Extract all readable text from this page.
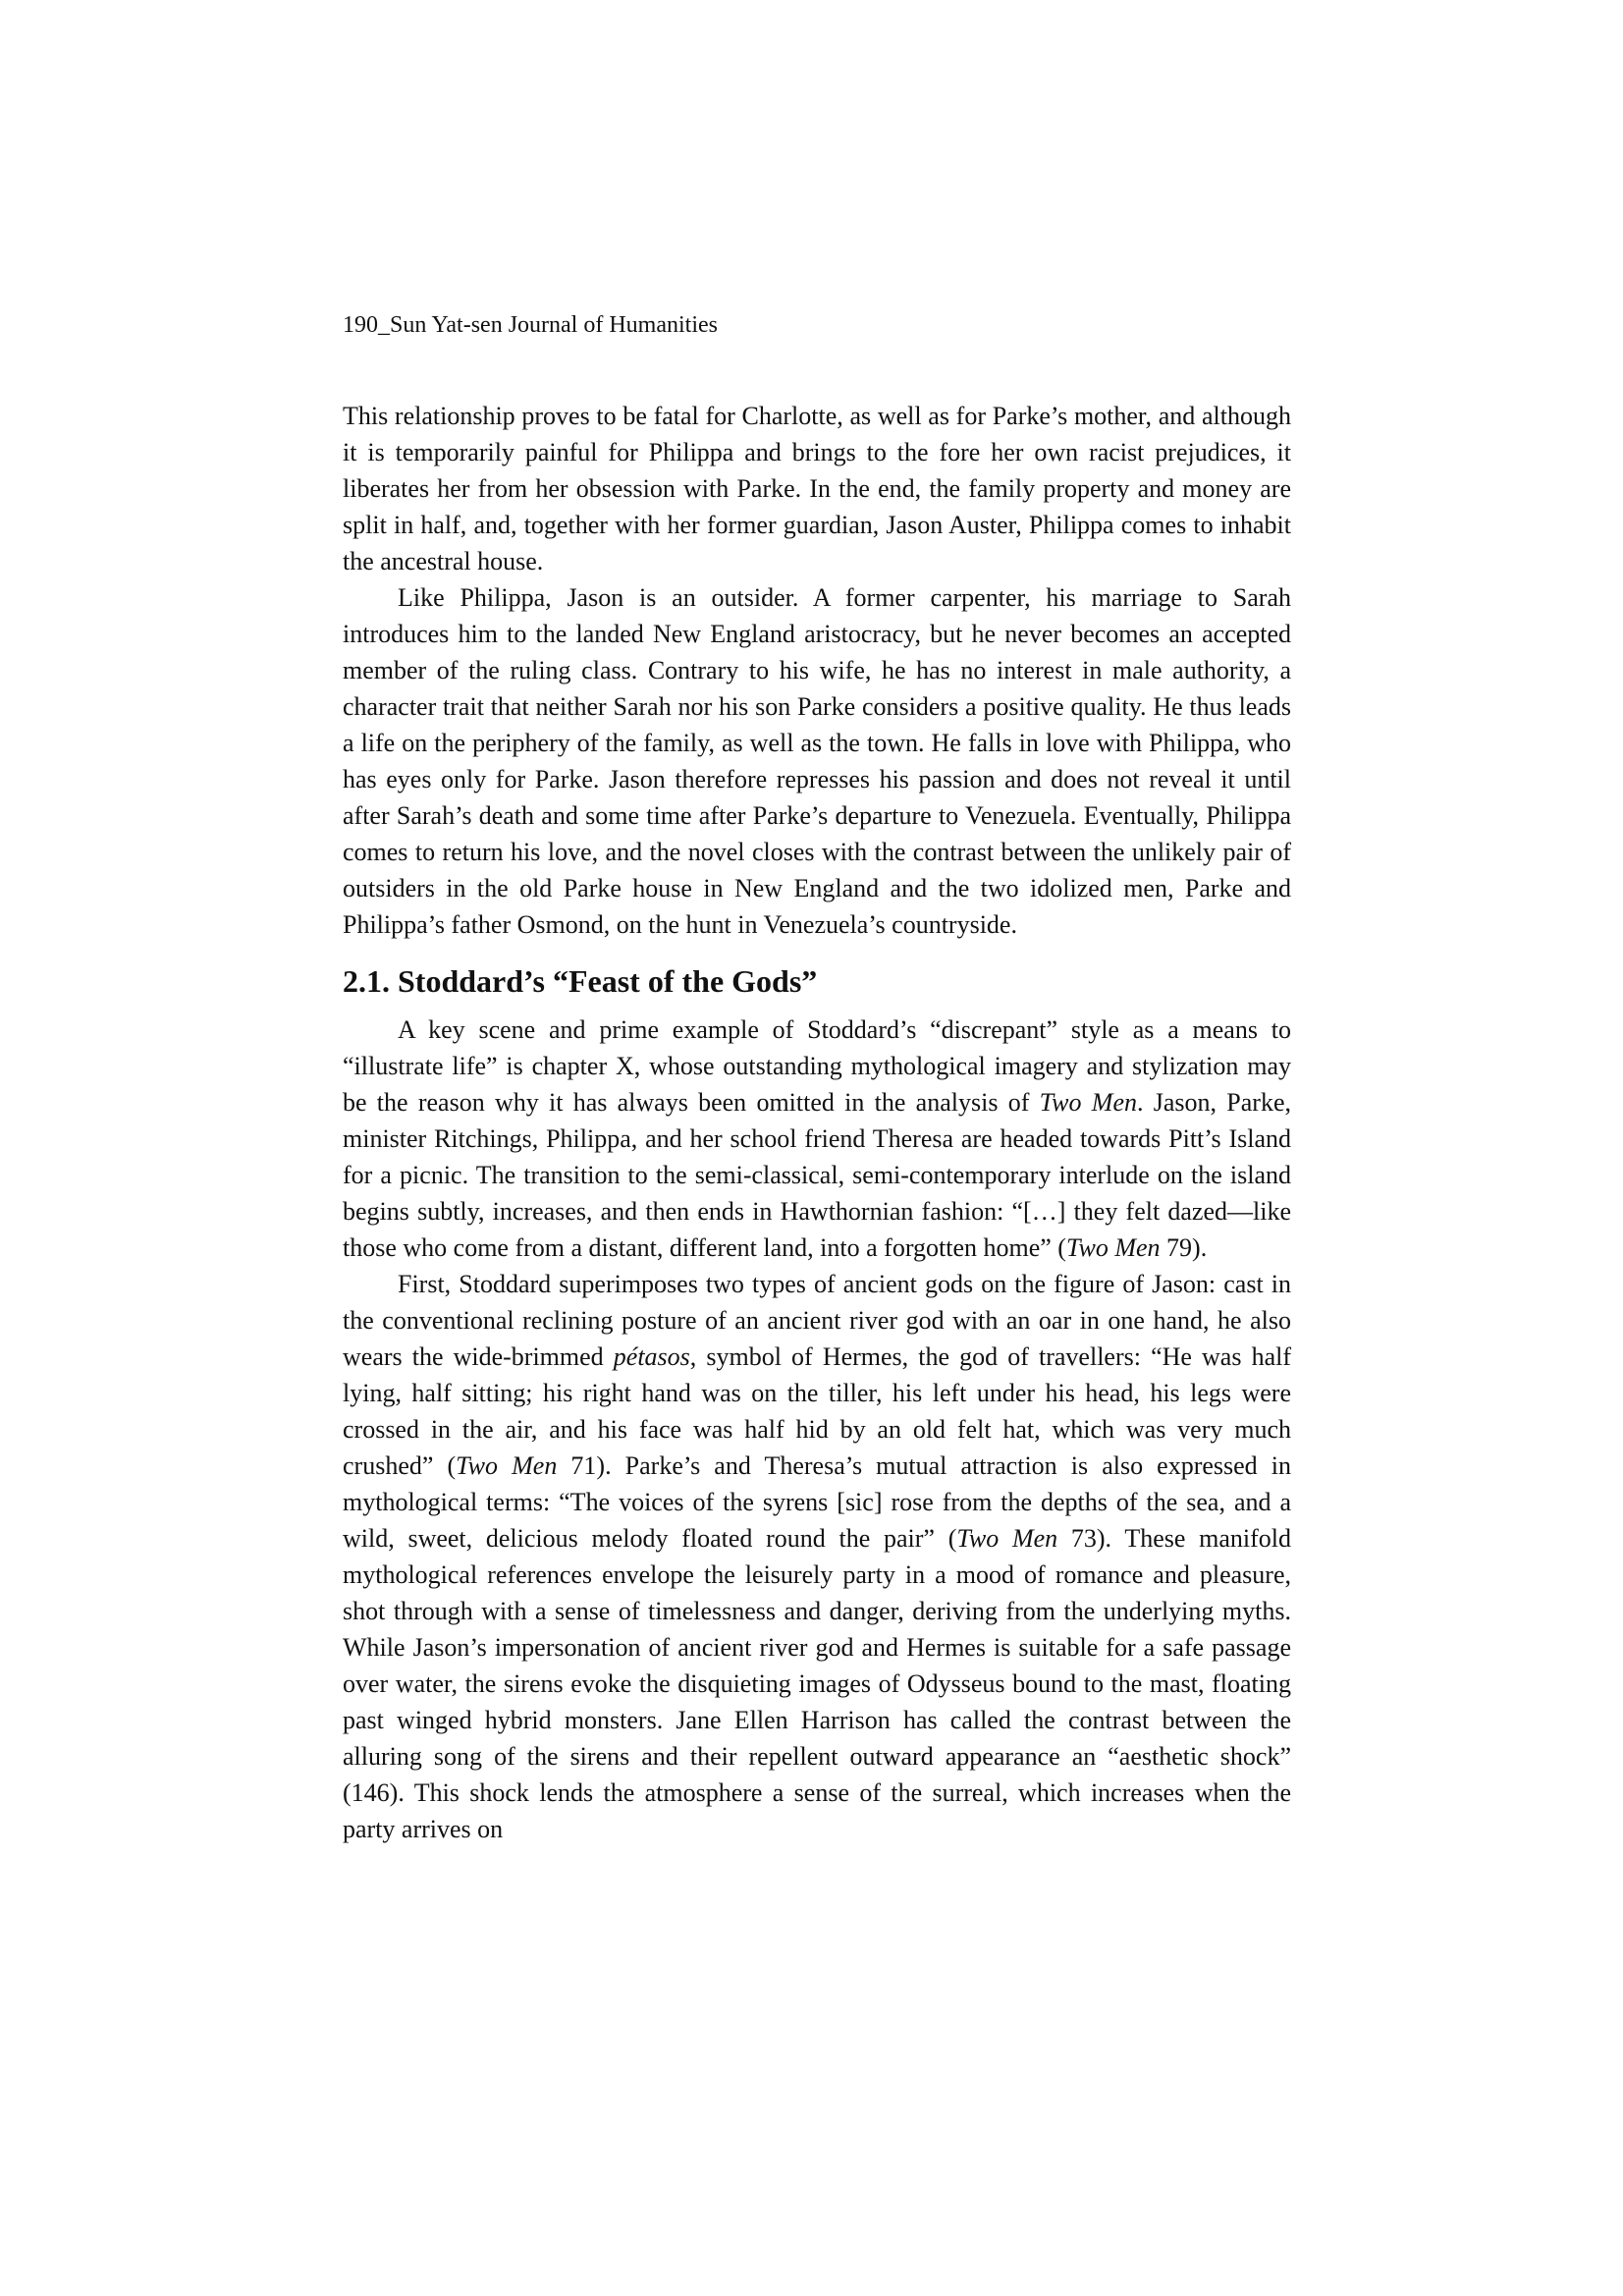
190_Sun Yat-sen Journal of Humanities

This relationship proves to be fatal for Charlotte, as well as for Parke’s mother, and although it is temporarily painful for Philippa and brings to the fore her own racist prejudices, it liberates her from her obsession with Parke. In the end, the family property and money are split in half, and, together with her former guardian, Jason Auster, Philippa comes to inhabit the ancestral house.

Like Philippa, Jason is an outsider. A former carpenter, his marriage to Sarah introduces him to the landed New England aristocracy, but he never becomes an accepted member of the ruling class. Contrary to his wife, he has no interest in male authority, a character trait that neither Sarah nor his son Parke considers a positive quality. He thus leads a life on the periphery of the family, as well as the town. He falls in love with Philippa, who has eyes only for Parke. Jason therefore represses his passion and does not reveal it until after Sarah’s death and some time after Parke’s departure to Venezuela. Eventually, Philippa comes to return his love, and the novel closes with the contrast between the unlikely pair of outsiders in the old Parke house in New England and the two idolized men, Parke and Philippa’s father Osmond, on the hunt in Venezuela’s countryside.

2.1. Stoddard’s “Feast of the Gods”

A key scene and prime example of Stoddard’s “discrepant” style as a means to “illustrate life” is chapter X, whose outstanding mythological imagery and stylization may be the reason why it has always been omitted in the analysis of Two Men. Jason, Parke, minister Ritchings, Philippa, and her school friend Theresa are headed towards Pitt’s Island for a picnic. The transition to the semi-classical, semi-contemporary interlude on the island begins subtly, increases, and then ends in Hawthornian fashion: “[…] they felt dazed—like those who come from a distant, different land, into a forgotten home” (Two Men 79).

First, Stoddard superimposes two types of ancient gods on the figure of Jason: cast in the conventional reclining posture of an ancient river god with an oar in one hand, he also wears the wide-brimmed pétasos, symbol of Hermes, the god of travellers: “He was half lying, half sitting; his right hand was on the tiller, his left under his head, his legs were crossed in the air, and his face was half hid by an old felt hat, which was very much crushed” (Two Men 71). Parke’s and Theresa’s mutual attraction is also expressed in mythological terms: “The voices of the syrens [sic] rose from the depths of the sea, and a wild, sweet, delicious melody floated round the pair” (Two Men 73). These manifold mythological references envelope the leisurely party in a mood of romance and pleasure, shot through with a sense of timelessness and danger, deriving from the underlying myths. While Jason’s impersonation of ancient river god and Hermes is suitable for a safe passage over water, the sirens evoke the disquieting images of Odysseus bound to the mast, floating past winged hybrid monsters. Jane Ellen Harrison has called the contrast between the alluring song of the sirens and their repellent outward appearance an “aesthetic shock” (146). This shock lends the atmosphere a sense of the surreal, which increases when the party arrives on
